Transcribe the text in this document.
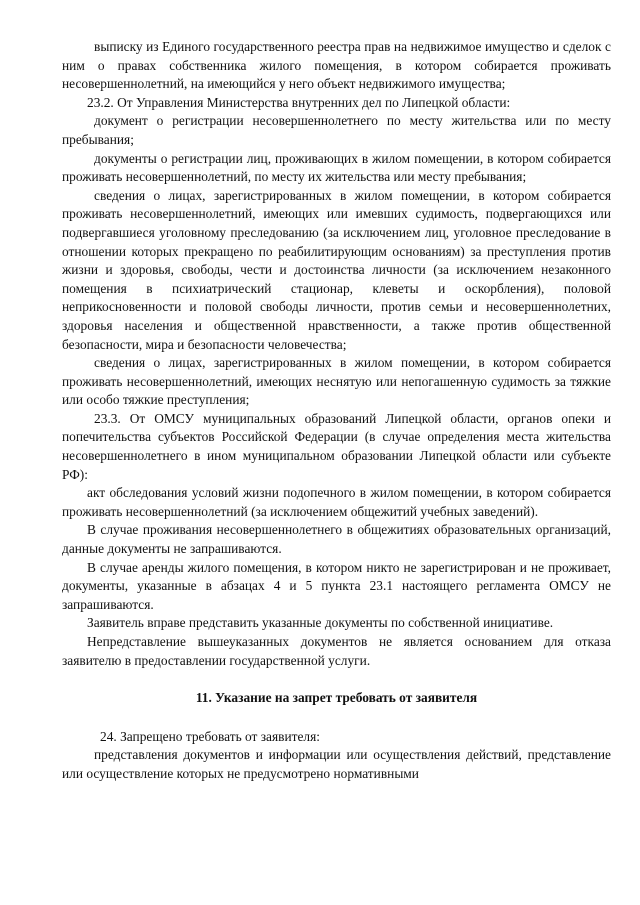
выписку из Единого государственного реестра прав на недвижимое имущество и сделок с ним о правах собственника жилого помещения, в котором собирается проживать несовершеннолетний, на имеющийся у него объект недвижимого имущества;

23.2. От Управления Министерства внутренних дел по Липецкой области:

документ о регистрации несовершеннолетнего по месту жительства или по месту пребывания;

документы о регистрации лиц, проживающих в жилом помещении, в котором собирается проживать несовершеннолетний, по месту их жительства или месту пребывания;

сведения о лицах, зарегистрированных в жилом помещении, в котором собирается проживать несовершеннолетний, имеющих или имевших судимость, подвергающихся или подвергавшиеся уголовному преследованию (за исключением лиц, уголовное преследование в отношении которых прекращено по реабилитирующим основаниям) за преступления против жизни и здоровья, свободы, чести и достоинства личности (за исключением незаконного помещения в психиатрический стационар, клеветы и оскорбления), половой неприкосновенности и половой свободы личности, против семьи и несовершеннолетних, здоровья населения и общественной нравственности, а также против общественной безопасности, мира и безопасности человечества;

сведения о лицах, зарегистрированных в жилом помещении, в котором собирается проживать несовершеннолетний, имеющих неснятую или непогашенную судимость за тяжкие или особо тяжкие преступления;

23.3. От ОМСУ муниципальных образований Липецкой области, органов опеки и попечительства субъектов Российской Федерации (в случае определения места жительства несовершеннолетнего в ином муниципальном образовании Липецкой области или субъекте РФ):

акт обследования условий жизни подопечного в жилом помещении, в котором собирается проживать несовершеннолетний (за исключением общежитий учебных заведений).

В случае проживания несовершеннолетнего в общежитиях образовательных организаций, данные документы не запрашиваются.

В случае аренды жилого помещения, в котором никто не зарегистрирован и не проживает, документы, указанные в абзацах 4 и 5 пункта 23.1 настоящего регламента ОМСУ не запрашиваются.

Заявитель вправе представить указанные документы по собственной инициативе.

Непредставление вышеуказанных документов не является основанием для отказа заявителю в предоставлении государственной услуги.

11. Указание на запрет требовать от заявителя

24. Запрещено требовать от заявителя:

представления документов и информации или осуществления действий, представление или осуществление которых не предусмотрено нормативными
